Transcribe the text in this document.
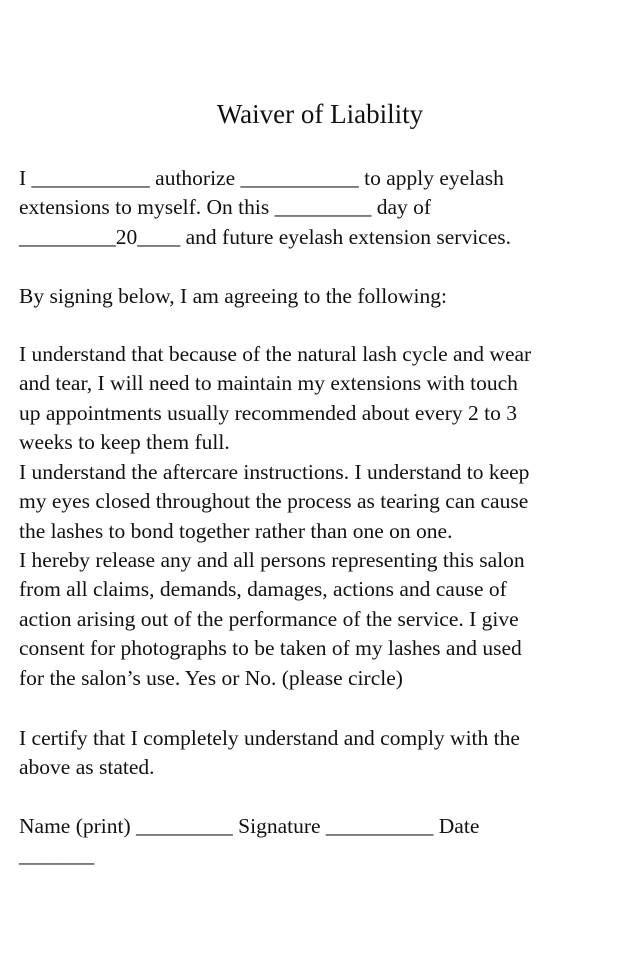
Waiver of Liability

I ___________ authorize ___________ to apply eyelash
extensions to myself. On this _________ day of
_________20____ and future eyelash extension services.

By signing below, I am agreeing to the following:

I understand that because of the natural lash cycle and wear
and tear, I will need to maintain my extensions with touch
up appointments usually recommended about every 2 to 3
weeks to keep them full.

I understand the aftercare instructions. I understand to keep
my eyes closed throughout the process as tearing can cause
the lashes to bond together rather than one on one.

I hereby release any and all persons representing this salon
from all claims, demands, damages, actions and cause of
action arising out of the performance of the service. I give
consent for photographs to be taken of my lashes and used
for the salon’s use. Yes or No. (please circle)

I certify that I completely understand and comply with the
above as stated.

Name (print) _________ Signature __________ Date
_______
